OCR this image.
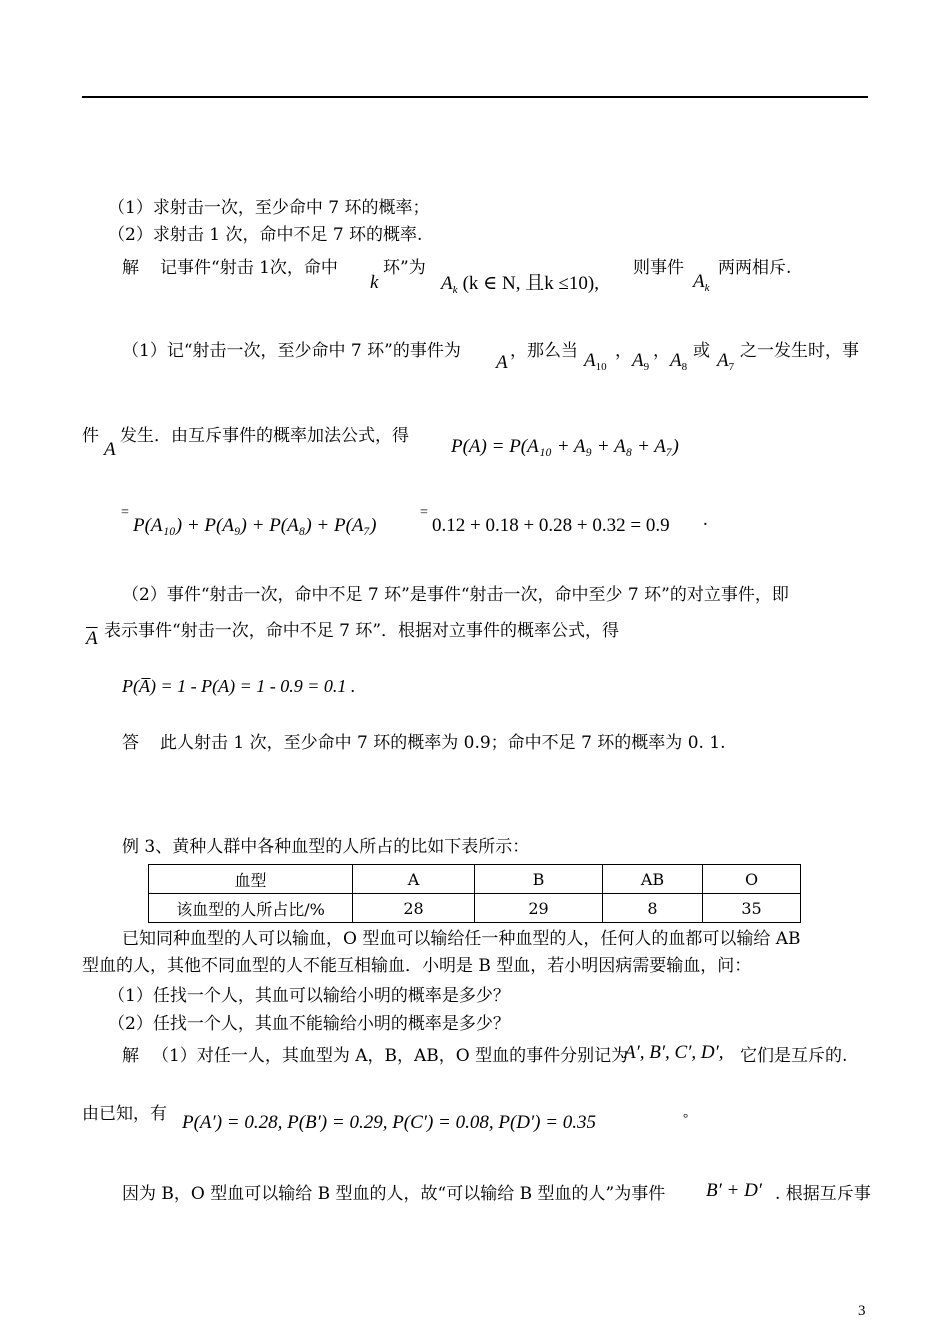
（1）求射击一次，至少命中 7 环的概率；
（2）求射击 1 次，命中不足 7 环的概率.
解 记事件“射击 1次，命中
k
环”为
$A_k$ (k ∈ N, 且k ≤10),
则事件
$A_k$
两两相斥.
（1）记“射击一次，至少命中 7 环”的事件为
A
，那么当 $A_{10}$
， $A_9$
， $A_8$
或 $A_7$
之一发生时，事
件
A
发生．由互斥事件的概率加法公式，得 P(A) = P(A₁₀ + A₉ + A₈ + A₇)
=
P(A₁₀) + P(A₉) + P(A₈) + P(A₇)
=
0.12 + 0.18 + 0.28 + 0.32 = 0.9 .
（2）事件“射击一次，命中不足 7 环”是事件“射击一次，命中至少 7 环”的对立事件，即
$\overline{A}$ 表示事件“射击一次，命中不足 7 环”．根据对立事件的概率公式，得
P(A̅) = 1 - P(A) = 1 - 0.9 = 0.1 .
答 此人射击 1 次，至少命中 7 环的概率为 0.9；命中不足 7 环的概率为 0. 1.
例 3、黄种人群中各种血型的人所占的比如下表所示：
血型	A	B	AB	O
该血型的人所占比/%	28	29	8	35
已知同种血型的人可以输血，O 型血可以输给任一种血型的人，任何人的血都可以输给 AB
型血的人，其他不同血型的人不能互相输血．小明是 B 型血，若小明因病需要输血，问：
（1）任找一个人，其血可以输给小明的概率是多少？
（2）任找一个人，其血不能输给小明的概率是多少？
解 （1）对任一人，其血型为 A，B，AB，O 型血的事件分别记为
A′, B′, C′, D′, 它们是互斥的.
由已知，有 P(A′) = 0.28, P(B′) = 0.29, P(C′) = 0.08, P(D′) = 0.35	°
因为 B，O 型血可以输给 B 型血的人，故“可以输给 B 型血的人”为事件 B′ + D′ . 根据互斥事
3
